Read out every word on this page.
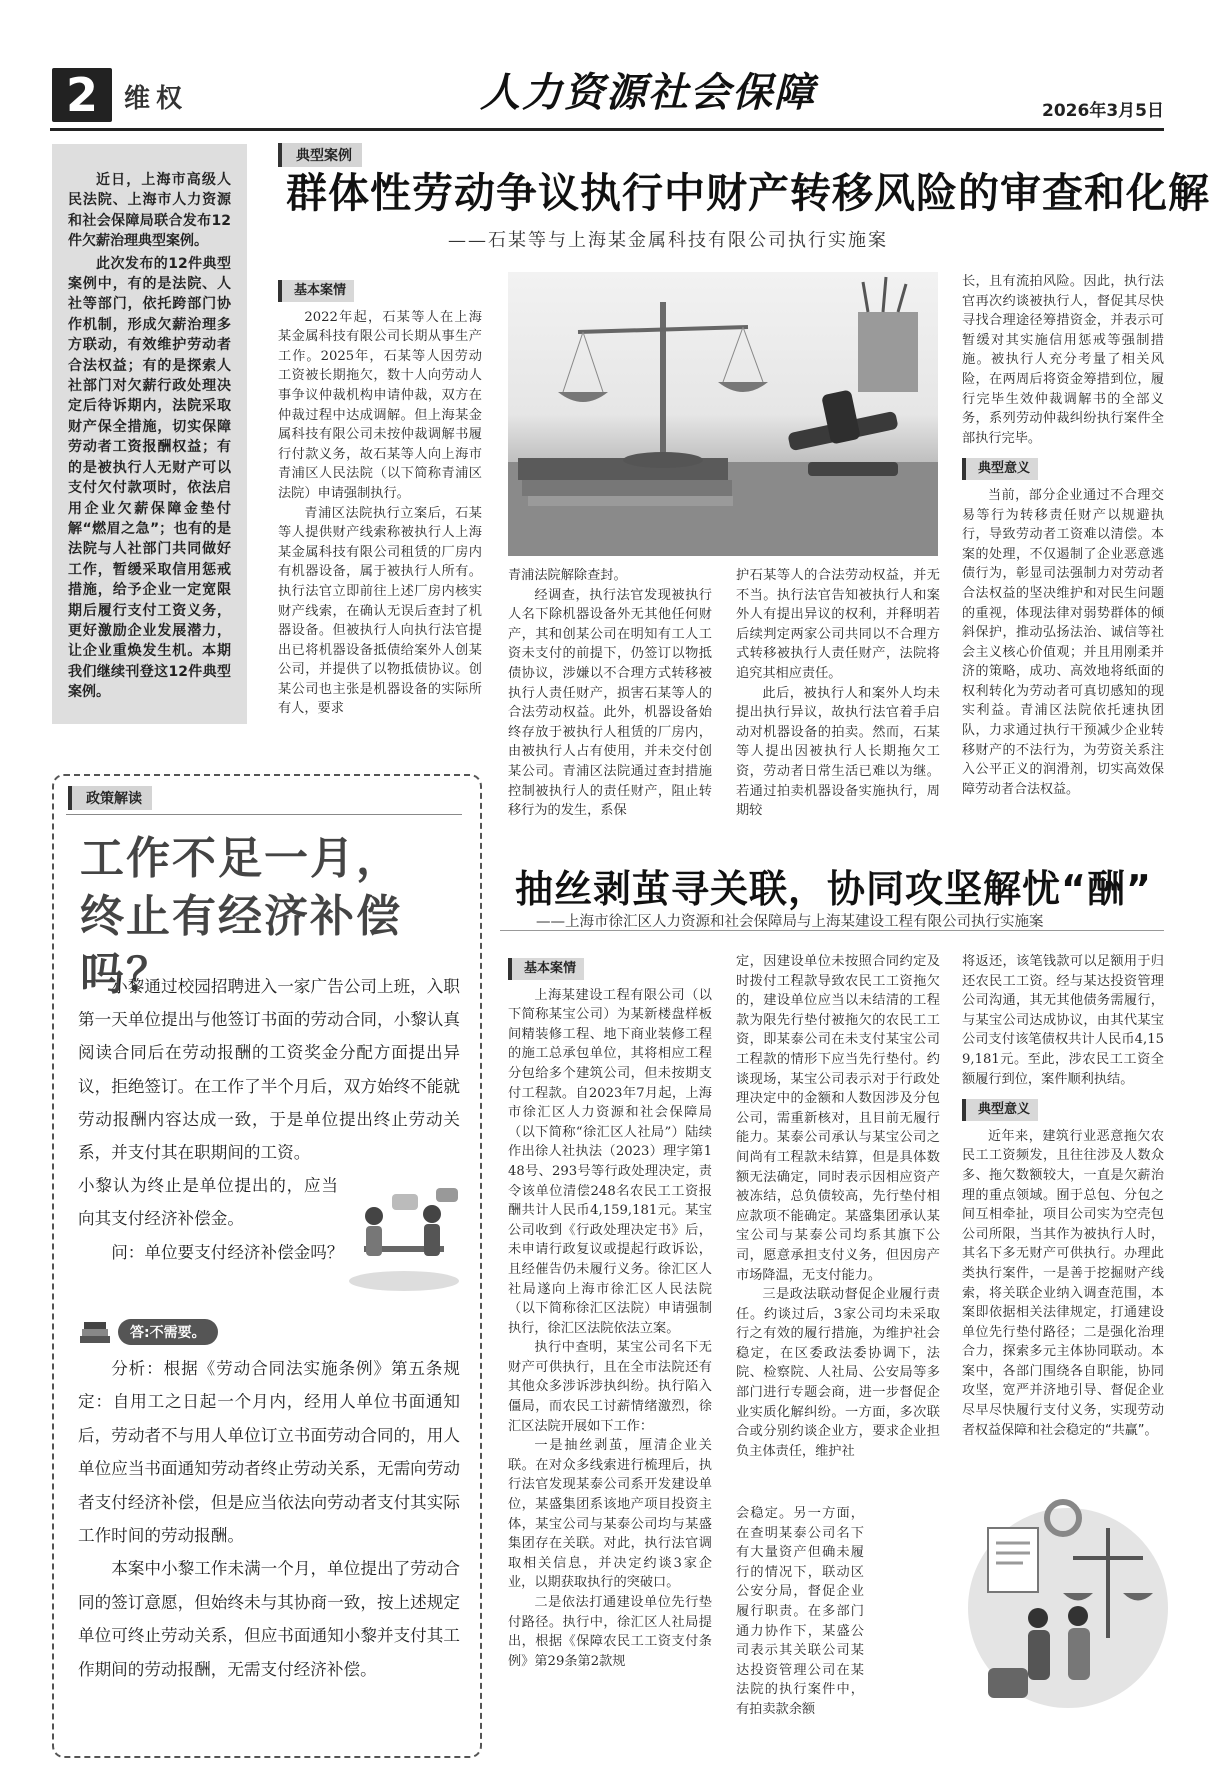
2	维权	人力资源社会保障	2026年3月5日

近日，上海市高级人民法院、上海市人力资源和社会保障局联合发布12件欠薪治理典型案例。

此次发布的12件典型案例中，有的是法院、人社等部门，依托跨部门协作机制，形成欠薪治理多方联动，有效维护劳动者合法权益；有的是探索人社部门对欠薪行政处理决定后待诉期内，法院采取财产保全措施，切实保障劳动者工资报酬权益；有的是被执行人无财产可以支付欠付款项时，依法启用企业欠薪保障金垫付解“燃眉之急”；也有的是法院与人社部门共同做好工作，暂缓采取信用惩戒措施，给予企业一定宽限期后履行支付工资义务，更好激励企业发展潜力，让企业重焕发生机。本期我们继续刊登这12件典型案例。

典型案例
群体性劳动争议执行中财产转移风险的审查和化解
——石某等与上海某金属科技有限公司执行实施案
基本案情

2022年起，石某等人在上海某金属科技有限公司长期从事生产工作。2025年，石某等人因劳动工资被长期拖欠，数十人向劳动人事争议仲裁机构申请仲裁，双方在仲裁过程中达成调解。但上海某金属科技有限公司未按仲裁调解书履行付款义务，故石某等人向上海市青浦区人民法院（以下简称青浦区法院）申请强制执行。

青浦区法院执行立案后，石某等人提供财产线索称被执行人上海某金属科技有限公司租赁的厂房内有机器设备，属于被执行人所有。执行法官立即前往上述厂房内核实财产线索，在确认无误后查封了机器设备。但被执行人向执行法官提出已将机器设备抵债给案外人创某公司，并提供了以物抵债协议。创某公司也主张是机器设备的实际所有人，要求

青浦法院解除查封。

经调查，执行法官发现被执行人名下除机器设备外无其他任何财产，其和创某公司在明知有工人工资未支付的前提下，仍签订以物抵债协议，涉嫌以不合理方式转移被执行人责任财产，损害石某等人的合法劳动权益。此外，机器设备始终存放于被执行人租赁的厂房内，由被执行人占有使用，并未交付创某公司。青浦区法院通过查封措施控制被执行人的责任财产，阻止转移行为的发生，系保

护石某等人的合法劳动权益，并无不当。执行法官告知被执行人和案外人有提出异议的权利，并释明若后续判定两家公司共同以不合理方式转移被执行人责任财产，法院将追究其相应责任。

此后，被执行人和案外人均未提出执行异议，故执行法官着手启动对机器设备的拍卖。然而，石某等人提出因被执行人长期拖欠工资，劳动者日常生活已难以为继。若通过拍卖机器设备实施执行，周期较

长，且有流拍风险。因此，执行法官再次约谈被执行人，督促其尽快寻找合理途径筹措资金，并表示可暂缓对其实施信用惩戒等强制措施。被执行人充分考量了相关风险，在两周后将资金筹措到位，履行完毕生效仲裁调解书的全部义务，系列劳动仲裁纠纷执行案件全部执行完毕。

典型意义

当前，部分企业通过不合理交易等行为转移责任财产以规避执行，导致劳动者工资难以清偿。本案的处理，不仅遏制了企业恶意逃债行为，彰显司法强制力对劳动者合法权益的坚决维护和对民生问题的重视，体现法律对弱势群体的倾斜保护，推动弘扬法治、诚信等社会主义核心价值观；并且用刚柔并济的策略，成功、高效地将纸面的权利转化为劳动者可真切感知的现实利益。青浦区法院依托速执团队，力求通过执行干预减少企业转移财产的不法行为，为劳资关系注入公平正义的润滑剂，切实高效保障劳动者合法权益。

政策解读
工作不足一月，
终止有经济补偿吗？

小黎通过校园招聘进入一家广告公司上班，入职第一天单位提出与他签订书面的劳动合同，小黎认真阅读合同后在劳动报酬的工资奖金分配方面提出异议，拒绝签订。在工作了半个月后，双方始终不能就劳动报酬内容达成一致，于是单位提出终止劳动关系，并支付其在职期间的工资。

小黎认为终止是单位提出的，应当向其支付经济补偿金。

问：单位要支付经济补偿金吗？

答:不需要。

分析：根据《劳动合同法实施条例》第五条规定：自用工之日起一个月内，经用人单位书面通知后，劳动者不与用人单位订立书面劳动合同的，用人单位应当书面通知劳动者终止劳动关系，无需向劳动者支付经济补偿，但是应当依法向劳动者支付其实际工作时间的劳动报酬。

本案中小黎工作未满一个月，单位提出了劳动合同的签订意愿，但始终未与其协商一致，按上述规定单位可终止劳动关系，但应书面通知小黎并支付其工作期间的劳动报酬，无需支付经济补偿。

抽丝剥茧寻关联，协同攻坚解忧“酬”
——上海市徐汇区人力资源和社会保障局与上海某建设工程有限公司执行实施案
基本案情

上海某建设工程有限公司（以下简称某宝公司）为某新楼盘样板间精装修工程、地下商业装修工程的施工总承包单位，其将相应工程分包给多个建筑公司，但未按期支付工程款。自2023年7月起，上海市徐汇区人力资源和社会保障局（以下简称“徐汇区人社局”）陆续作出徐人社执法（2023）理字第148号、293号等行政处理决定，责令该单位清偿248名农民工工资报酬共计人民币4,159,181元。某宝公司收到《行政处理决定书》后，未申请行政复议或提起行政诉讼，且经催告仍未履行义务。徐汇区人社局遂向上海市徐汇区人民法院（以下简称徐汇区法院）申请强制执行，徐汇区法院依法立案。

执行中查明，某宝公司名下无财产可供执行，且在全市法院还有其他众多涉诉涉执纠纷。执行陷入僵局，而农民工讨薪情绪激烈，徐汇区法院开展如下工作：

一是抽丝剥茧，厘清企业关联。在对众多线索进行梳理后，执行法官发现某泰公司系开发建设单位，某盛集团系该地产项目投资主体，某宝公司与某泰公司均与某盛集团存在关联。对此，执行法官调取相关信息，并决定约谈3家企业，以期获取执行的突破口。

二是依法打通建设单位先行垫付路径。执行中，徐汇区人社局提出，根据《保障农民工工资支付条例》第29条第2款规

定，因建设单位未按照合同约定及时拨付工程款导致农民工工资拖欠的，建设单位应当以未结清的工程款为限先行垫付被拖欠的农民工工资，即某泰公司在未支付某宝公司工程款的情形下应当先行垫付。约谈现场，某宝公司表示对于行政处理决定中的金额和人数因涉及分包公司，需重新核对，且目前无履行能力。某泰公司承认与某宝公司之间尚有工程款未结算，但是具体数额无法确定，同时表示因相应资产被冻结，总负债较高，先行垫付相应款项不能确定。某盛集团承认某宝公司与某泰公司均系其旗下公司，愿意承担支付义务，但因房产市场降温，无支付能力。

三是政法联动督促企业履行责任。约谈过后，3家公司均未采取行之有效的履行措施，为维护社会稳定，在区委政法委协调下，法院、检察院、人社局、公安局等多部门进行专题会商，进一步督促企业实质化解纠纷。一方面，多次联合或分别约谈企业方，要求企业担负主体责任，维护社

会稳定。另一方面，在查明某泰公司名下有大量资产但确未履行的情况下，联动区公安分局，督促企业履行职责。在多部门通力协作下，某盛公司表示其关联公司某达投资管理公司在某法院的执行案件中，有拍卖款余额

将返还，该笔钱款可以足额用于归还农民工工资。经与某达投资管理公司沟通，其无其他债务需履行，与某宝公司达成协议，由其代某宝公司支付该笔债权共计人民币4,159,181元。至此，涉农民工工资全额履行到位，案件顺利执结。

典型意义

近年来，建筑行业恶意拖欠农民工工资频发，且往往涉及人数众多、拖欠数额较大，一直是欠薪治理的重点领域。囿于总包、分包之间互相牵扯，项目公司实为空壳包公司所限，当其作为被执行人时，其名下多无财产可供执行。办理此类执行案件，一是善于挖掘财产线索，将关联企业纳入调查范围，本案即依据相关法律规定，打通建设单位先行垫付路径；二是强化治理合力，探索多元主体协同联动。本案中，各部门围绕各自职能，协同攻坚，宽严并济地引导、督促企业尽早尽快履行支付义务，实现劳动者权益保障和社会稳定的“共赢”。
